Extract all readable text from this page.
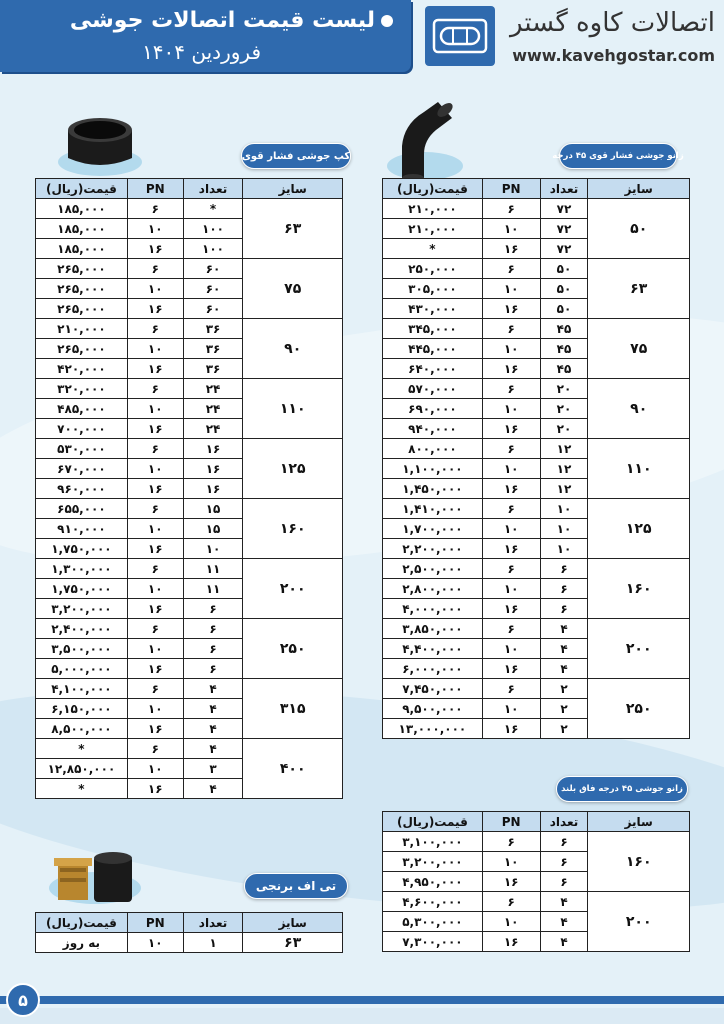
لیست قیمت اتصالات جوشی
فروردین ۱۴۰۴
اتصالات کاوه گستر
www.kavehgostar.com
کپ جوشی فشار قوی	زانو جوشی فشار قوی ۴۵ درجه
زانو جوشی ۴۵ درجه فاق بلند
تی اف برنجی
قیمت(ریال)	PN	تعداد	سایز
۱۸۵,۰۰۰	۶	*	۶۳
۱۸۵,۰۰۰	۱۰	۱۰۰	
۱۸۵,۰۰۰	۱۶	۱۰۰	
۲۶۵,۰۰۰	۶	۶۰	۷۵
۲۶۵,۰۰۰	۱۰	۶۰	
۲۶۵,۰۰۰	۱۶	۶۰	
۲۱۰,۰۰۰	۶	۳۶	۹۰
۲۶۵,۰۰۰	۱۰	۳۶	
۴۲۰,۰۰۰	۱۶	۳۶	
۳۲۰,۰۰۰	۶	۲۴	۱۱۰
۴۸۵,۰۰۰	۱۰	۲۴	
۷۰۰,۰۰۰	۱۶	۲۴	
۵۳۰,۰۰۰	۶	۱۶	۱۲۵
۶۷۰,۰۰۰	۱۰	۱۶	
۹۶۰,۰۰۰	۱۶	۱۶	
۶۵۵,۰۰۰	۶	۱۵	۱۶۰
۹۱۰,۰۰۰	۱۰	۱۵	
۱,۷۵۰,۰۰۰	۱۶	۱۰	
۱,۳۰۰,۰۰۰	۶	۱۱	۲۰۰
۱,۷۵۰,۰۰۰	۱۰	۱۱	
۳,۲۰۰,۰۰۰	۱۶	۶	
۲,۴۰۰,۰۰۰	۶	۶	۲۵۰
۳,۵۰۰,۰۰۰	۱۰	۶	
۵,۰۰۰,۰۰۰	۱۶	۶	
۴,۱۰۰,۰۰۰	۶	۴	۳۱۵
۶,۱۵۰,۰۰۰	۱۰	۴	
۸,۵۰۰,۰۰۰	۱۶	۴	
*	۶	۴	۴۰۰
۱۲,۸۵۰,۰۰۰	۱۰	۳	
*	۱۶	۴	
قیمت(ریال)	PN	تعداد	سایز
۲۱۰,۰۰۰	۶	۷۲	۵۰
۲۱۰,۰۰۰	۱۰	۷۲	
*	۱۶	۷۲	
۲۵۰,۰۰۰	۶	۵۰	۶۳
۳۰۵,۰۰۰	۱۰	۵۰	
۴۳۰,۰۰۰	۱۶	۵۰	
۳۴۵,۰۰۰	۶	۴۵	۷۵
۴۴۵,۰۰۰	۱۰	۴۵	
۶۴۰,۰۰۰	۱۶	۴۵	
۵۷۰,۰۰۰	۶	۲۰	۹۰
۶۹۰,۰۰۰	۱۰	۲۰	
۹۴۰,۰۰۰	۱۶	۲۰	
۸۰۰,۰۰۰	۶	۱۲	۱۱۰
۱,۱۰۰,۰۰۰	۱۰	۱۲	
۱,۴۵۰,۰۰۰	۱۶	۱۲	
۱,۴۱۰,۰۰۰	۶	۱۰	۱۲۵
۱,۷۰۰,۰۰۰	۱۰	۱۰	
۲,۲۰۰,۰۰۰	۱۶	۱۰	
۲,۵۰۰,۰۰۰	۶	۶	۱۶۰
۲,۸۰۰,۰۰۰	۱۰	۶	
۴,۰۰۰,۰۰۰	۱۶	۶	
۳,۸۵۰,۰۰۰	۶	۴	۲۰۰
۴,۴۰۰,۰۰۰	۱۰	۴	
۶,۰۰۰,۰۰۰	۱۶	۴	
۷,۴۵۰,۰۰۰	۶	۲	۲۵۰
۹,۵۰۰,۰۰۰	۱۰	۲	
۱۳,۰۰۰,۰۰۰	۱۶	۲	
قیمت(ریال)	PN	تعداد	سایز
۳,۱۰۰,۰۰۰	۶	۶	۱۶۰
۳,۲۰۰,۰۰۰	۱۰	۶	
۴,۹۵۰,۰۰۰	۱۶	۶	
۴,۶۰۰,۰۰۰	۶	۴	۲۰۰
۵,۳۰۰,۰۰۰	۱۰	۴	
۷,۳۰۰,۰۰۰	۱۶	۴	
قیمت(ریال)	PN	تعداد	سایز
به روز	۱۰	۱	۶۳
۵
